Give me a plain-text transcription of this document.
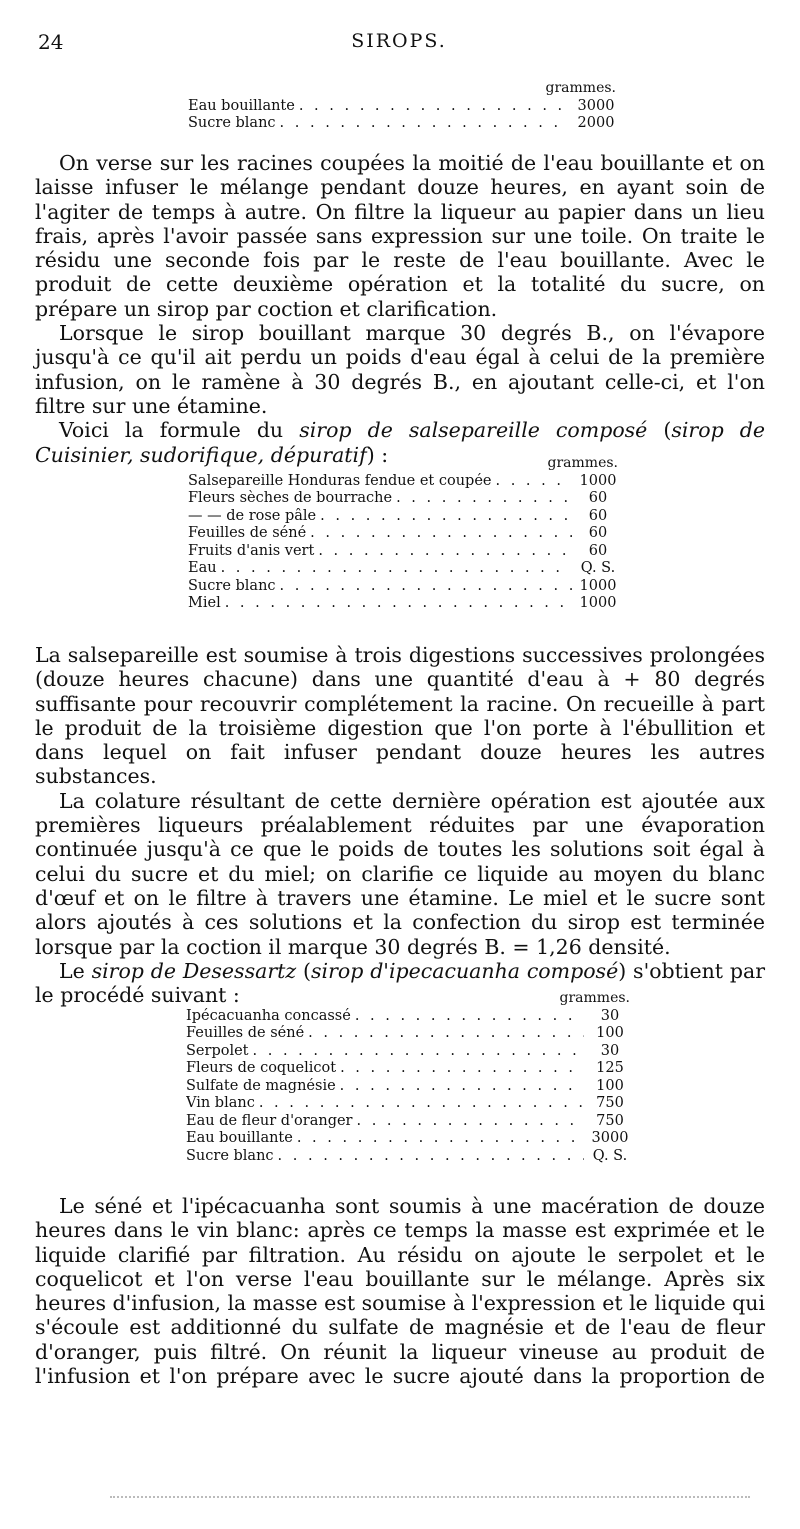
24	SIROPS.
grammes.
Eau bouillante . . .	3000
Sucre blanc . . .	2000

On verse sur les racines coupées la moitié de l'eau bouillante et on laisse infuser le mélange pendant douze heures, en ayant soin de l'agiter de temps à autre. On filtre la liqueur au papier dans un lieu frais, après l'avoir passée sans expression sur une toile. On traite le résidu une seconde fois par le reste de l'eau bouillante. Avec le produit de cette deuxième opération et la totalité du sucre, on prépare un sirop par coction et clarification.

Lorsque le sirop bouillant marque 30 degrés B., on l'évapore jusqu'à ce qu'il ait perdu un poids d'eau égal à celui de la première infusion, on le ramène à 30 degrés B., en ajoutant celle-ci, et l'on filtre sur une étamine.

Voici la formule du sirop de salsepareille composé (sirop de Cuisinier, sudorifique, dépuratif) :	grammes.
Salsepareille Honduras fendue et coupée . . .	1000
Fleurs sèches de bourrache . . .	60
— — de rose pâle . . .	60
Feuilles de séné . . .	60
Fruits d'anis vert . . .	60
Eau . . .	Q. S.
Sucre blanc . . .	1000
Miel . . .	1000

La salsepareille est soumise à trois digestions successives prolongées (douze heures chacune) dans une quantité d'eau à + 80 degrés suffisante pour recouvrir complétement la racine. On recueille à part le produit de la troisième digestion que l'on porte à l'ébullition et dans lequel on fait infuser pendant douze heures les autres substances.

La colature résultant de cette dernière opération est ajoutée aux premières liqueurs préalablement réduites par une évaporation continuée jusqu'à ce que le poids de toutes les solutions soit égal à celui du sucre et du miel; on clarifie ce liquide au moyen du blanc d'œuf et on le filtre à travers une étamine. Le miel et le sucre sont alors ajoutés à ces solutions et la confection du sirop est terminée lorsque par la coction il marque 30 degrés B. = 1,26 densité.

Le sirop de Desessartz (sirop d'ipecacuanha composé) s'obtient par le procédé suivant :	grammes.
Ipécacuanha concassé . . .	30
Feuilles de séné . . .	100
Serpolet . . .	30
Fleurs de coquelicot . . .	125
Sulfate de magnésie . . .	100
Vin blanc . . .	750
Eau de fleur d'oranger . . .	750
Eau bouillante . . .	3000
Sucre blanc . . .	Q. S.

Le séné et l'ipécacuanha sont soumis à une macération de douze heures dans le vin blanc: après ce temps la masse est exprimée et le liquide clarifié par filtration. Au résidu on ajoute le serpolet et le coquelicot et l'on verse l'eau bouillante sur le mélange. Après six heures d'infusion, la masse est soumise à l'expression et le liquide qui s'écoule est additionné du sulfate de magnésie et de l'eau de fleur d'oranger, puis filtré. On réunit la liqueur vineuse au produit de l'infusion et l'on prépare avec le sucre ajouté dans la proportion de
